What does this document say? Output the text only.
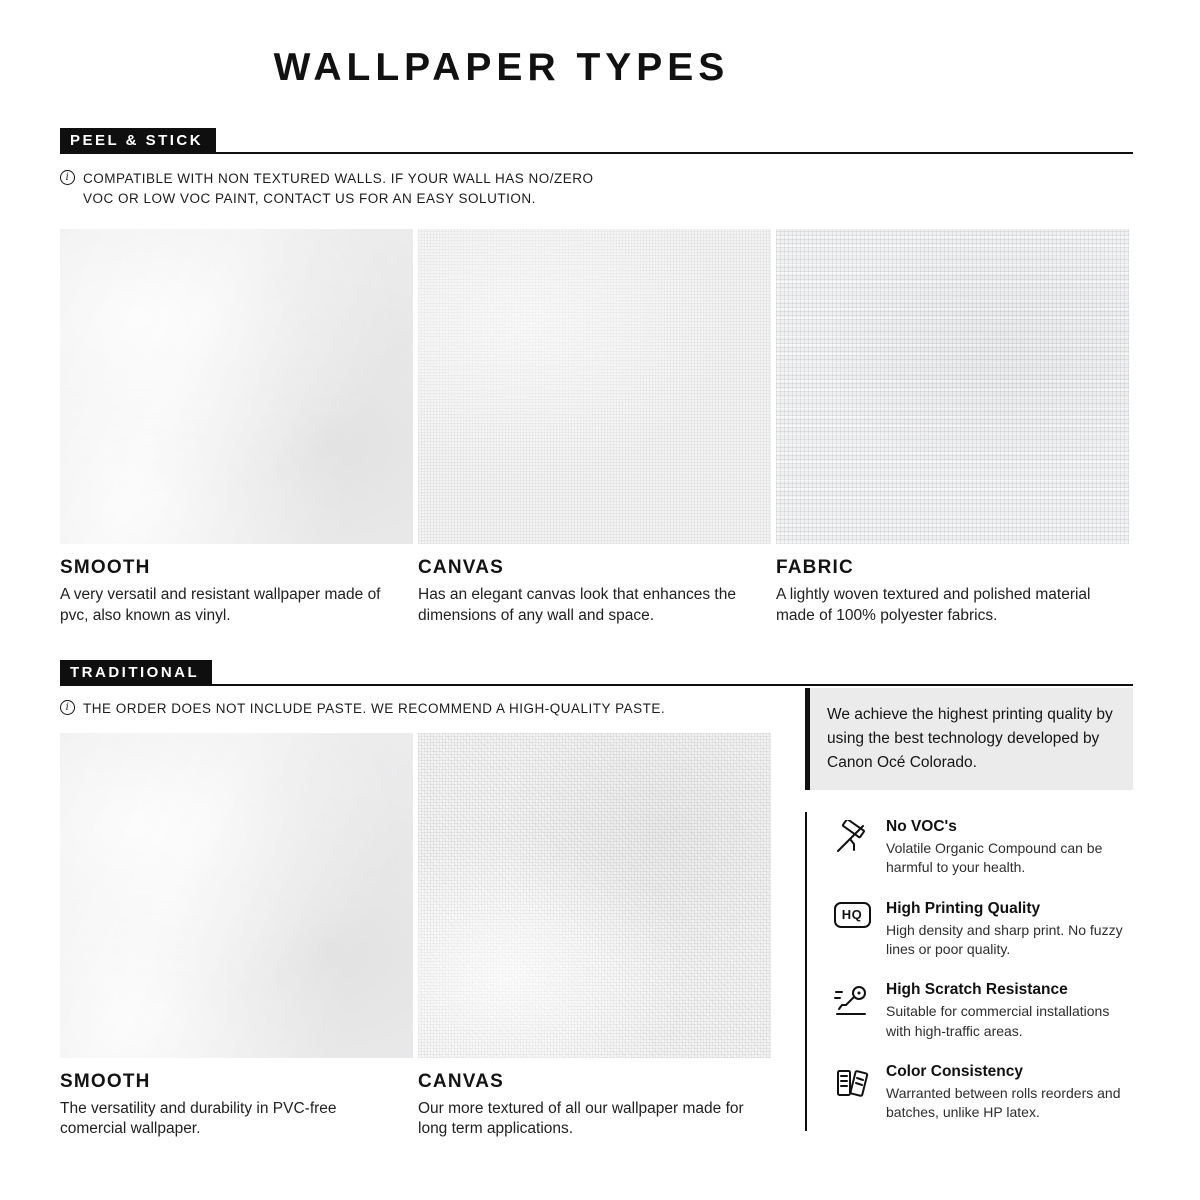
WALLPAPER TYPES
PEEL & STICK
i	COMPATIBLE WITH NON TEXTURED WALLS. IF YOUR WALL HAS NO/ZERO VOC OR LOW VOC PAINT, CONTACT US FOR AN EASY SOLUTION.
SMOOTH
A very versatil and resistant wallpaper made of pvc, also known as vinyl.
CANVAS
Has an elegant canvas look that enhances the dimensions of any wall and space.
FABRIC
A lightly woven textured and polished material made of 100% polyester fabrics.
TRADITIONAL
i	THE ORDER DOES NOT INCLUDE PASTE. WE RECOMMEND A HIGH-QUALITY PASTE.
SMOOTH
The versatility and durability in PVC-free comercial wallpaper.
CANVAS
Our more textured of all our wallpaper made for long term applications.
We achieve the highest printing quality by using the best technology developed by Canon Océ Colorado.
No VOC's
Volatile Organic Compound can be harmful to your health.
HQ	High Printing Quality
High density and sharp print. No fuzzy lines or poor quality.
High Scratch Resistance
Suitable for commercial installations with high-traffic areas.
Color Consistency
Warranted between rolls reorders and batches, unlike HP latex.
